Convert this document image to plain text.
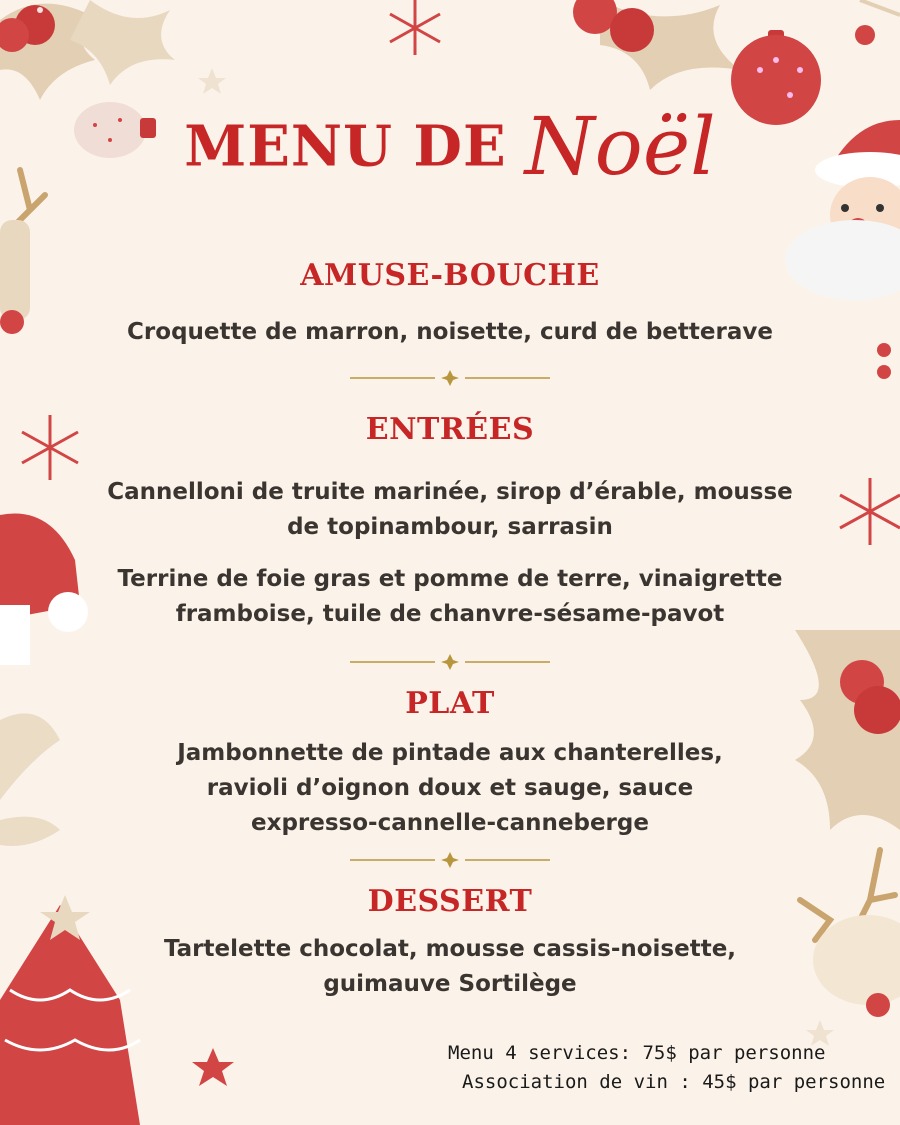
MENU DE Noël
AMUSE-BOUCHE
Croquette de marron, noisette, curd de betterave
ENTRÉES
Cannelloni de truite marinée, sirop d’érable, mousse de topinambour, sarrasin
Terrine de foie gras et pomme de terre, vinaigrette framboise, tuile de chanvre-sésame-pavot
PLAT
Jambonnette de pintade aux chanterelles, ravioli d’oignon doux et sauge, sauce expresso-cannelle-canneberge
DESSERT
Tartelette chocolat, mousse cassis-noisette, guimauve Sortilège
Menu 4 services: 75$ par personne
Association de vin : 45$ par personne
